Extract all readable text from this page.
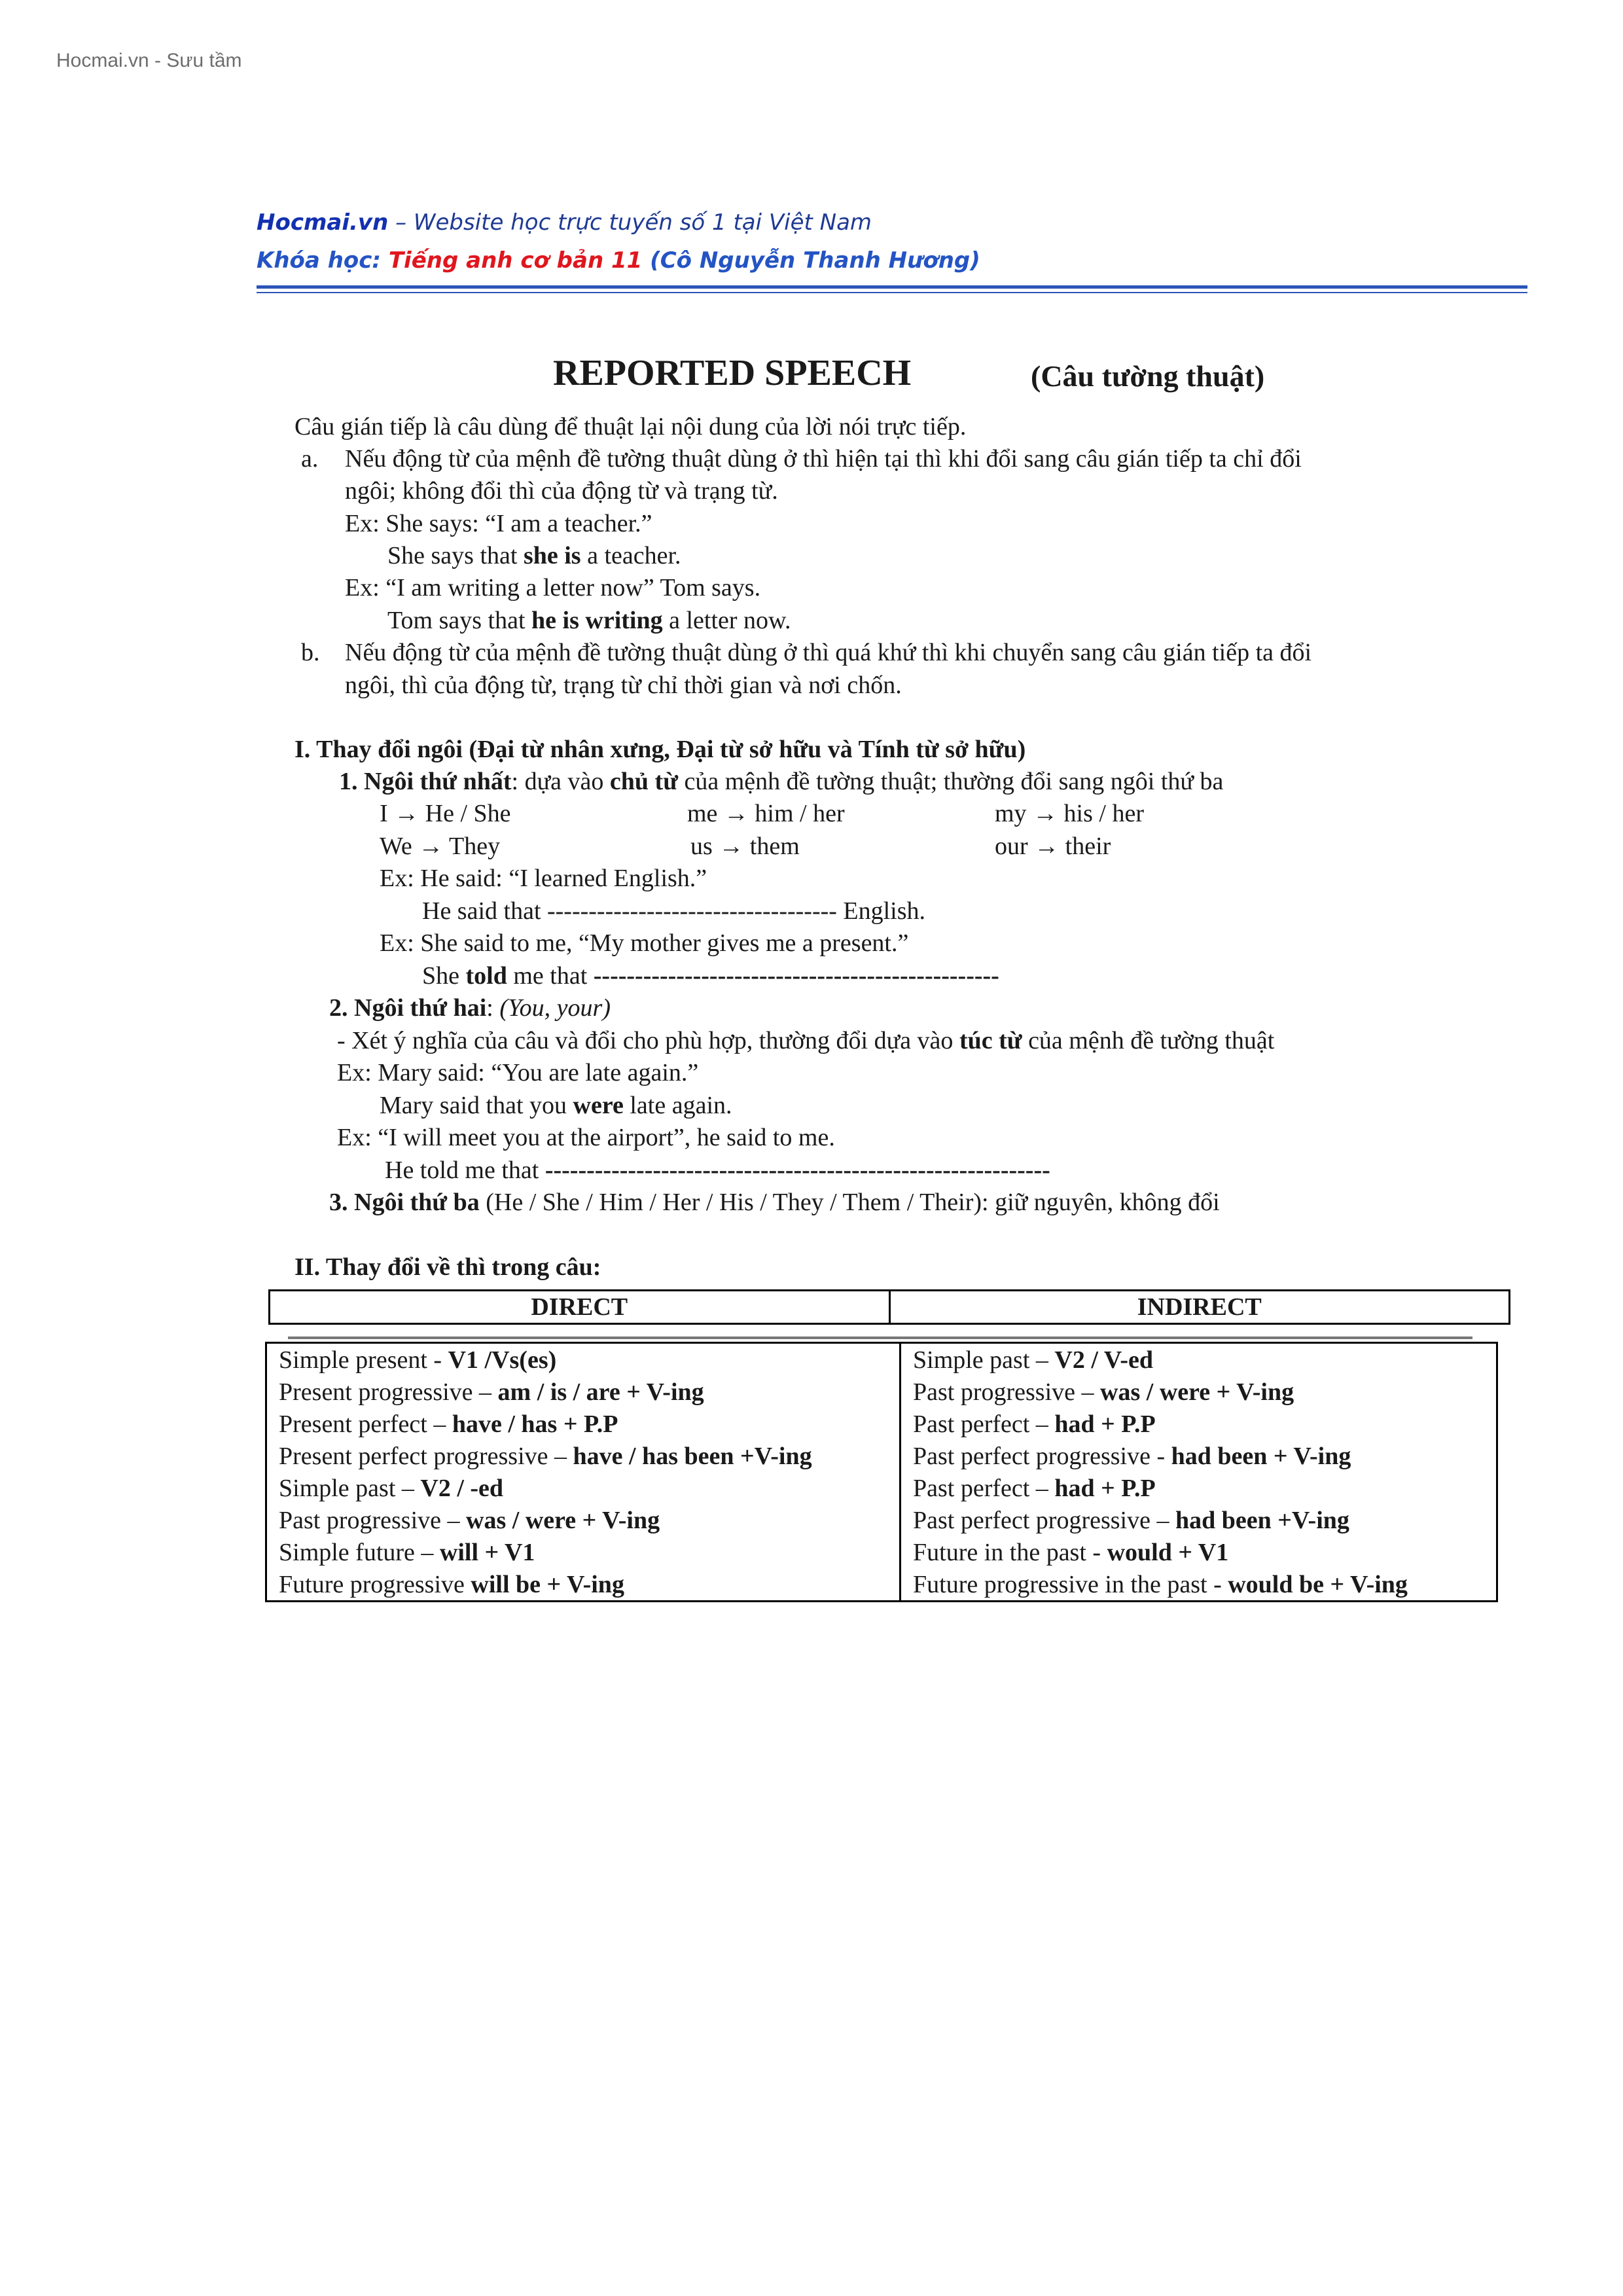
Hocmai.vn - Sưu tầm
Hocmai.vn – Website học trực tuyến số 1 tại Việt Nam
Khóa học: Tiếng anh cơ bản 11 (Cô Nguyễn Thanh Hương)
REPORTED SPEECH	(Câu tường thuật)
Câu gián tiếp là câu dùng để thuật lại nội dung của lời nói trực tiếp.
a. Nếu động từ của mệnh đề tường thuật dùng ở thì hiện tại thì khi đổi sang câu gián tiếp ta chỉ đổi
ngôi; không đổi thì của động từ và trạng từ.
Ex: She says: “I am a teacher.”
She says that she is a teacher.
Ex: “I am writing a letter now” Tom says.
Tom says that he is writing a letter now.
b. Nếu động từ của mệnh đề tường thuật dùng ở thì quá khứ thì khi chuyển sang câu gián tiếp ta đổi
ngôi, thì của động từ, trạng từ chỉ thời gian và nơi chốn.
I. Thay đổi ngôi (Đại từ nhân xưng, Đại từ sở hữu và Tính từ sở hữu)
1. Ngôi thứ nhất: dựa vào chủ từ của mệnh đề tường thuật; thường đổi sang ngôi thứ ba
I → He / She	me → him / her	my → his / her
We → They	us → them	our → their
Ex: He said: “I learned English.”
He said that ----------------------------------- English.
Ex: She said to me, “My mother gives me a present.”
She told me that -------------------------------------------------
2. Ngôi thứ hai: (You, your)
- Xét ý nghĩa của câu và đổi cho phù hợp, thường đổi dựa vào túc từ của mệnh đề tường thuật
Ex: Mary said: “You are late again.”
Mary said that you were late again.
Ex: “I will meet you at the airport”, he said to me.
He told me that -------------------------------------------------------------
3. Ngôi thứ ba (He / She / Him / Her / His / They / Them / Their): giữ nguyên, không đổi
II. Thay đổi về thì trong câu:
DIRECT	INDIRECT
Simple present - V1 /Vs(es)	Simple past – V2 / V-ed
Present progressive – am / is / are + V-ing	Past progressive – was / were + V-ing
Present perfect – have / has + P.P	Past perfect – had + P.P
Present perfect progressive – have / has been +V-ing	Past perfect progressive - had been + V-ing
Simple past – V2 / -ed	Past perfect – had + P.P
Past progressive – was / were + V-ing	Past perfect progressive – had been +V-ing
Simple future – will + V1	Future in the past - would + V1
Future progressive will be + V-ing	Future progressive in the past - would be + V-ing
